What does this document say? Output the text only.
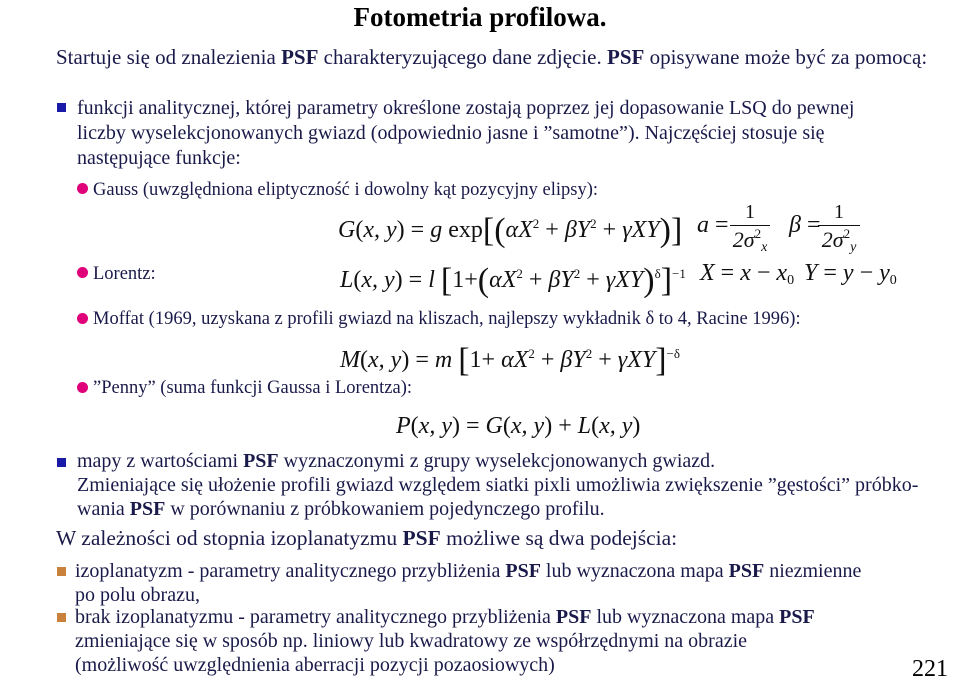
Fotometria profilowa.
Startuje się od znalezienia PSF charakteryzującego dane zdjęcie. PSF opisywane może być za pomocą:
funkcji analitycznej, której parametry określone zostają poprzez jej dopasowanie LSQ do pewnej
liczby wyselekcjonowanych gwiazd (odpowiednio jasne i ”samotne”). Najczęściej stosuje się
następujące funkcje:
Gauss (uwzględniona eliptyczność i dowolny kąt pozycyjny elipsy):
G(x, y) = g $\exp[(\alpha X^2 + \beta Y^2 + \gamma XY)] a = 1$
$2\sigma^2_x$
β = 1
$2\sigma^2_y$
Lorentz:	L(x, y) = l $[1+(\alpha X^2 + \beta Y^2 + \gamma XY)^\delta]^{-1}$ $X = x - x_0$ $Y = y - y_0$
Moffat (1969, uzyskana z profili gwiazd na kliszach, najlepszy wykładnik δ to 4, Racine 1996):
M(x, y) = m $[1+ \alpha X^2 + \beta Y^2 + \gamma XY]^{-\delta}$
”Penny” (suma funkcji Gaussa i Lorentza):
P(x, y) = G(x, y) + L(x, y)
mapy z wartościami PSF wyznaczonymi z grupy wyselekcjonowanych gwiazd.
Zmieniające się ułożenie profili gwiazd względem siatki pixli umożliwia zwiększenie ”gęstości” próbko-
wania PSF w porównaniu z próbkowaniem pojedynczego profilu.
W zależności od stopnia izoplanatyzmu PSF możliwe są dwa podejścia:
izoplanatyzm - parametry analitycznego przybliżenia PSF lub wyznaczona mapa PSF niezmienne
po polu obrazu,
brak izoplanatyzmu - parametry analitycznego przybliżenia PSF lub wyznaczona mapa PSF
zmieniające się w sposób np. liniowy lub kwadratowy ze współrzędnymi na obrazie
(możliwość uwzględnienia aberracji pozycji pozaosiowych)	221
